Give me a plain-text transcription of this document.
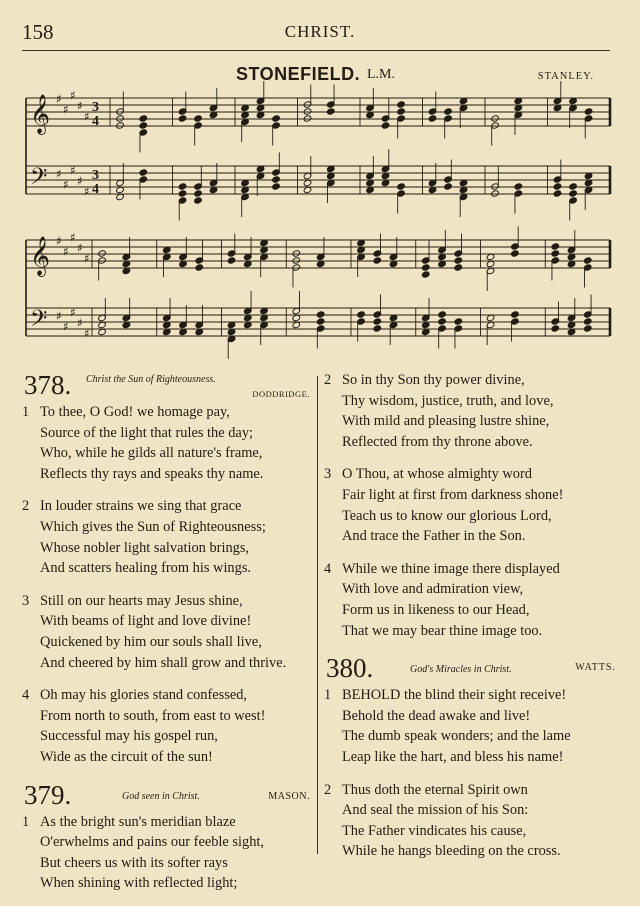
158	CHRIST.
STONEFIELD. L.M.	STANLEY.
𝄞
𝄢
♯
♯
♯
♯
♯
♯
♯
♯
♯
♯
3
4
3
4
𝄞
𝄢
♯
♯
♯
♯
♯
♯
♯
♯
♯
♯
378. Christ the Sun of Righteousness.
DODDRIDGE.
1 To thee, O God! we homage pay,
Source of the light that rules the day;
Who, while he gilds all nature's frame,
Reflects thy rays and speaks thy name.
2 In louder strains we sing that grace
Which gives the Sun of Righteousness;
Whose nobler light salvation brings,
And scatters healing from his wings.
3 Still on our hearts may Jesus shine,
With beams of light and love divine!
Quickened by him our souls shall live,
And cheered by him shall grow and thrive.
4 Oh may his glories stand confessed,
From north to south, from east to west!
Successful may his gospel run,
Wide as the circuit of the sun!
379.	God seen in Christ.	MASON.
1 As the bright sun's meridian blaze
O'erwhelms and pains our feeble sight,
But cheers us with its softer rays
When shining with reflected light;
2 So in thy Son thy power divine,
Thy wisdom, justice, truth, and love,
With mild and pleasing lustre shine,
Reflected from thy throne above.
3 O Thou, at whose almighty word
Fair light at first from darkness shone!
Teach us to know our glorious Lord,
And trace the Father in the Son.
4 While we thine image there displayed
With love and admiration view,
Form us in likeness to our Head,
That we may bear thine image too.
380.	God's Miracles in Christ.	WATTS.
1 BEHOLD the blind their sight receive!
Behold the dead awake and live!
The dumb speak wonders; and the lame
Leap like the hart, and bless his name!
2 Thus doth the eternal Spirit own
And seal the mission of his Son:
The Father vindicates his cause,
While he hangs bleeding on the cross.
